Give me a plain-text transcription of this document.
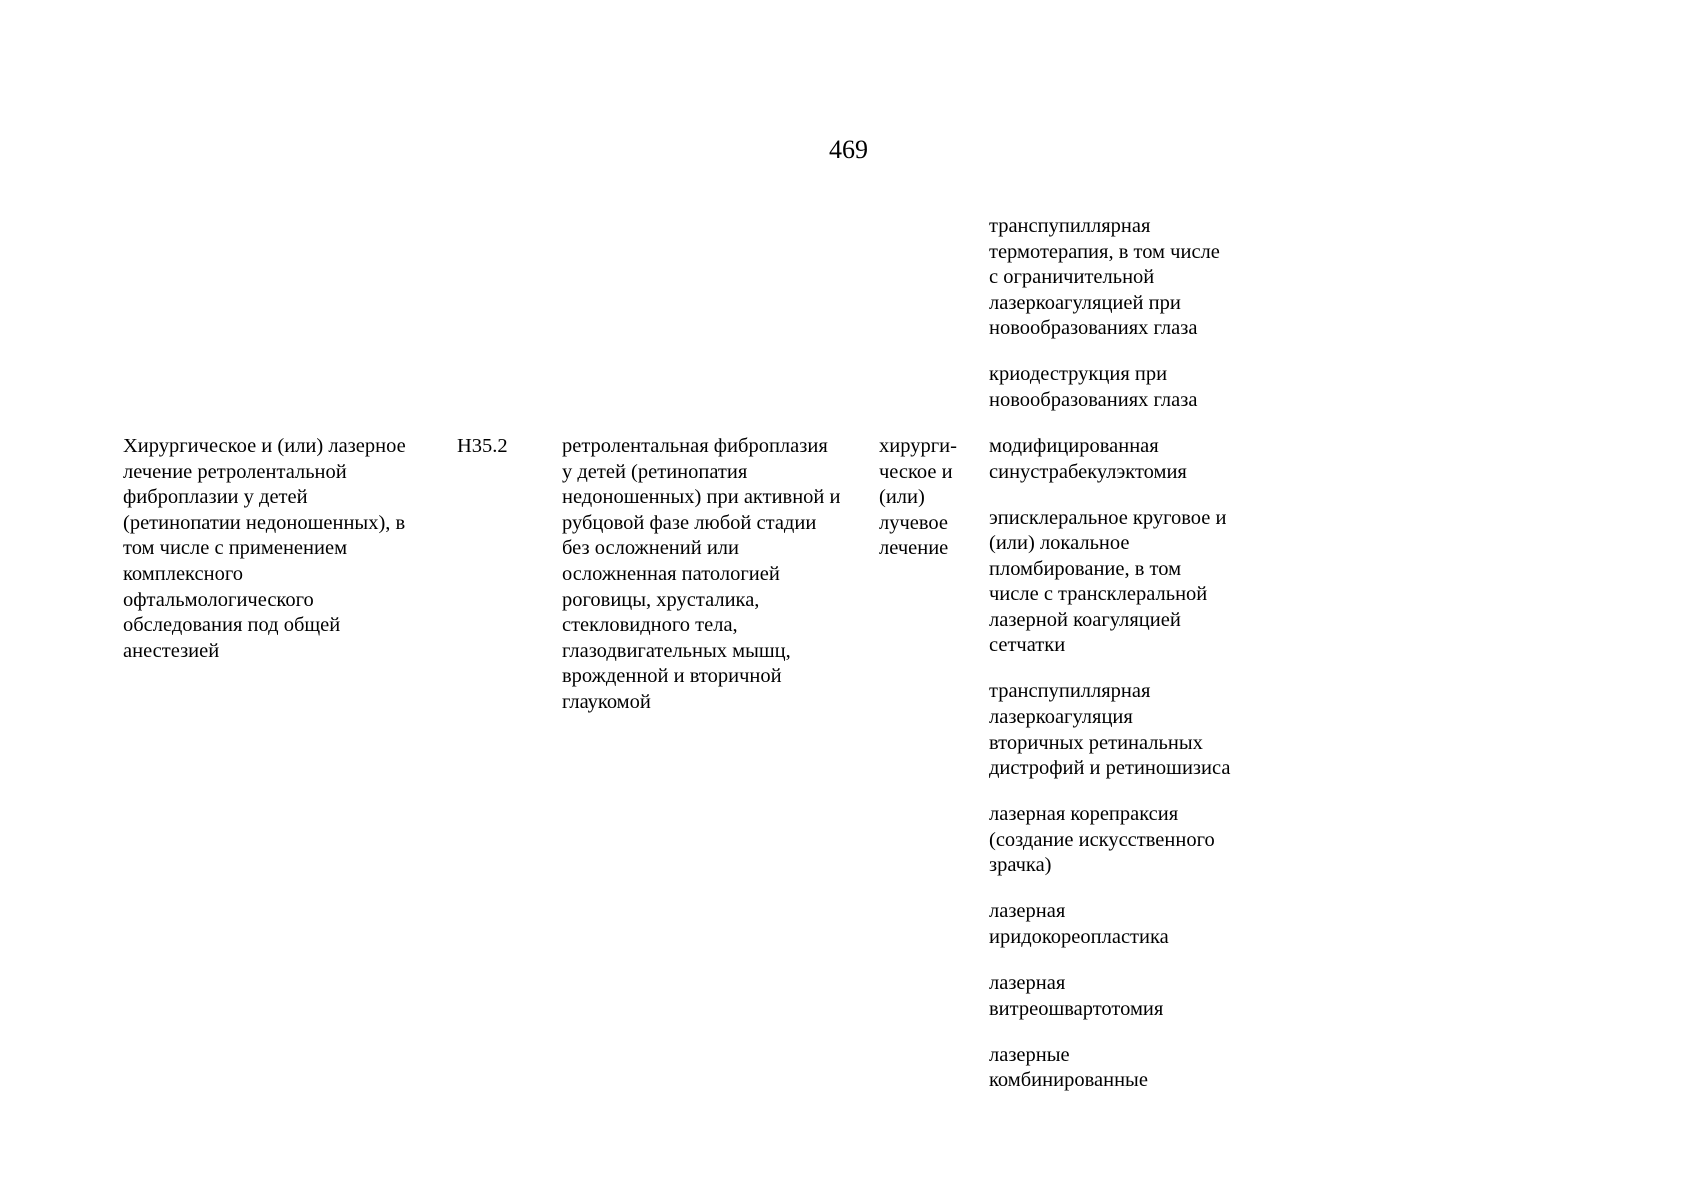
469
транспупиллярная
термотерапия, в том числе
с ограничительной
лазеркоагуляцией при
новообразованиях глаза
криодеструкция при
новообразованиях глаза
модифицированная
синустрабекулэктомия
эписклеральное круговое и
(или) локальное
пломбирование, в том
числе с трансклеральной
лазерной коагуляцией
сетчатки
транспупиллярная
лазеркоагуляция
вторичных ретинальных
дистрофий и ретиношизиса
лазерная корепраксия
(создание искусственного
зрачка)
лазерная
иридокореопластика
лазерная
витреошвартотомия
лазерные
комбинированные
Хирургическое и (или) лазерное
лечение ретролентальной
фиброплазии у детей
(ретинопатии недоношенных), в
том числе с применением
комплексного
офтальмологического
обследования под общей
анестезией
H35.2	ретролентальная фиброплазия
у детей (ретинопатия
недоношенных) при активной и
рубцовой фазе любой стадии
без осложнений или
осложненная патологией
роговицы, хрусталика,
стекловидного тела,
глазодвигательных мышц,
врожденной и вторичной
глаукомой
хирурги-
ческое и
(или)
лучевое
лечение
